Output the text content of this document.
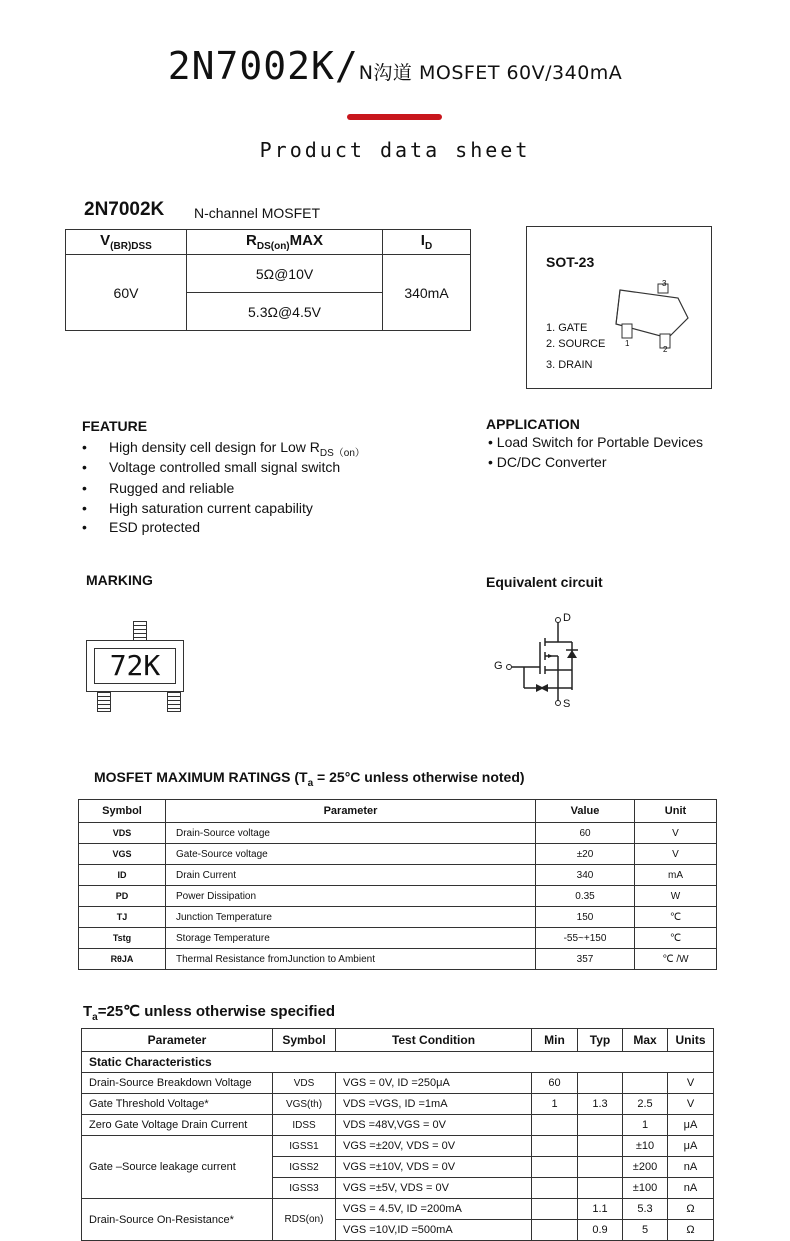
2N7002K/N沟道 MOSFET 60V/340mA
Product data sheet
2N7002K N-channel MOSFET
$V_{(BR)DSS}$	$R_{DS(on)}MAX$	$I_D$
60V	5Ω@10V	340mA
	5.3Ω@4.5V	
SOT-23
3
1
2
1. GATE
2. SOURCE
3. DRAIN
FEATURE
• High density cell design for Low $R_{DS(on)}$
• Voltage controlled small signal switch
• Rugged and reliable
• High saturation current capability
• ESD protected
APPLICATION
• Load Switch for Portable Devices
• DC/DC Converter
MARKING
72K
Equivalent circuit
D
G
S
MOSFET MAXIMUM RATINGS ($T_a = 25^\circ C$ unless otherwise noted)
Symbol	Parameter	Value	Unit
VDS	Drain-Source voltage	60	V
VGS	Gate-Source voltage	±20	V
ID	Drain Current	340	mA
PD	Power Dissipation	0.35	W
TJ	Junction Temperature	150	℃
Tstg	Storage Temperature	-55~+150	℃
RθJA	Thermal Resistance fromJunction to Ambient	357	℃ /W
$T_a=25℃$ unless otherwise specified
Parameter	Symbol	Test Condition	Min	Typ	Max	Units
Static Characteristics						
Drain-Source Breakdown Voltage	VDS	VGS = 0V, ID =250μA	60			V
Gate Threshold Voltage*	VGS(th)	VDS =VGS, ID =1mA	1	1.3	2.5	V
Zero Gate Voltage Drain Current	IDSS	VDS =48V,VGS = 0V			1	μA
Gate –Source leakage current	IGSS1	VGS =±20V, VDS = 0V			±10	μA
	IGSS2	VGS =±10V, VDS = 0V			±200	nA
	IGSS3	VGS =±5V, VDS = 0V			±100	nA
Drain-Source On-Resistance*	RDS(on)	VGS = 4.5V, ID =200mA		1.1	5.3	Ω
		VGS =10V,ID =500mA		0.9	5	Ω
